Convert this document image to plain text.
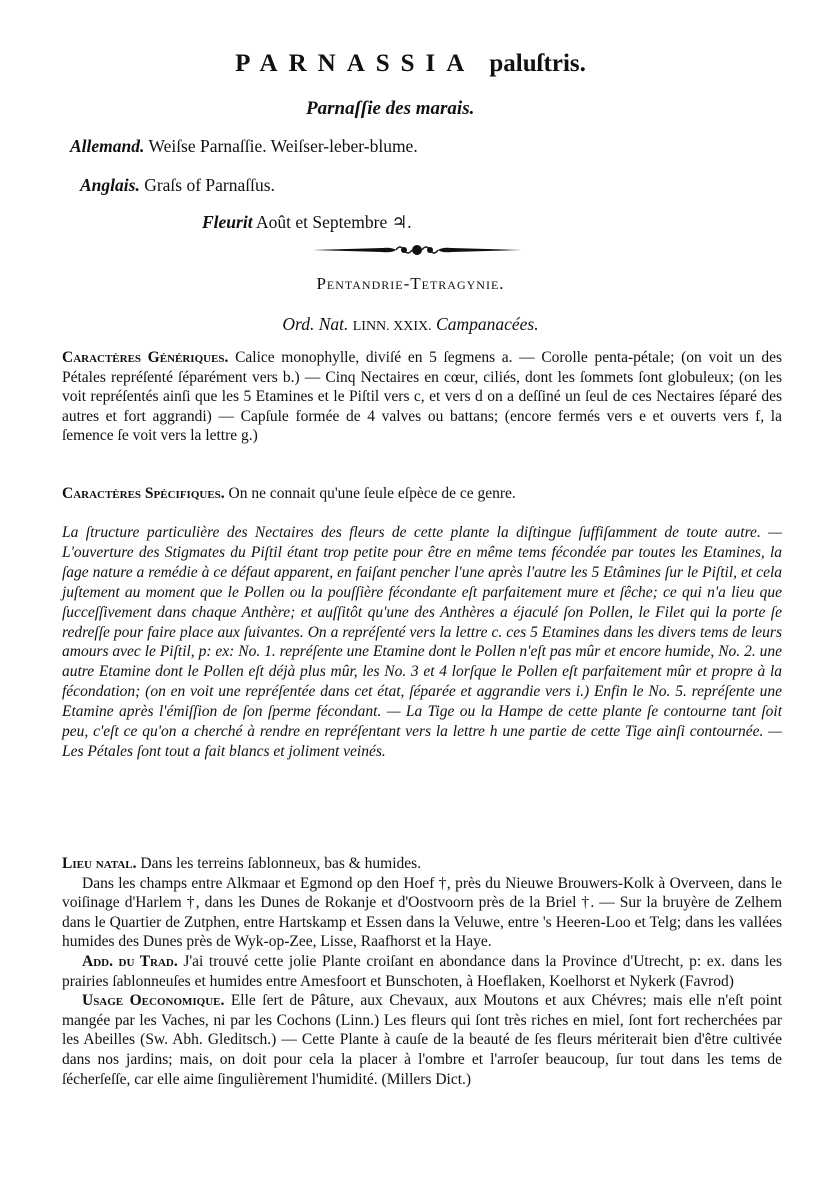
PARNASSIA paluſtris.
Parnaſſie des marais.
Allemand. Weiſse Parnaſſie. Weiſser-leber-blume.
Anglais. Graſs of Parnaſſus.
Fleurit Août et Septembre ♃.
Pentandrie-Tetragynie.
Ord. Nat. LINN. XXIX. Campanacées.

Caractères Génériques. Calice monophylle, diviſé en 5 ſegmens a. — Corolle penta-pétale; (on voit un des Pétales repréſenté ſéparément vers b.) — Cinq Nectaires en cœur, ciliés, dont les ſommets ſont globuleux; (on les voit repréſentés ainſi que les 5 Etamines et le Piſtil vers c, et vers d on a deſſiné un ſeul de ces Nectaires ſéparé des autres et fort aggrandi) — Capſule formée de 4 valves ou battans; (encore fermés vers e et ouverts vers f, la ſemence ſe voit vers la lettre g.)

Caractères Spécifiques. On ne connait qu'une ſeule eſpèce de ce genre.

La ſtructure particulière des Nectaires des fleurs de cette plante la diſtingue ſuffiſamment de toute autre. — L'ouverture des Stigmates du Piſtil étant trop petite pour être en même tems fécondée par toutes les Etamines, la ſage nature a remédie à ce défaut apparent, en faiſant pencher l'une après l'autre les 5 Etâmines ſur le Piſtil, et cela juſtement au moment que le Pollen ou la pouſſière fécondante eſt parfaitement mure et ſêche; ce qui n'a lieu que ſucceſſivement dans chaque Anthère; et auſſitôt qu'une des Anthères a éjaculé ſon Pollen, le Filet qui la porte ſe redreſſe pour faire place aux ſuivantes. On a repréſenté vers la lettre c. ces 5 Etamines dans les divers tems de leurs amours avec le Piſtil, p: ex: No. 1. repréſente une Etamine dont le Pollen n'eſt pas mûr et encore humide, No. 2. une autre Etamine dont le Pollen eſt déjà plus mûr, les No. 3 et 4 lorſque le Pollen eſt parfaitement mûr et propre à la fécondation; (on en voit une repréſentée dans cet état, ſéparée et aggrandie vers i.) Enfin le No. 5. repréſente une Etamine après l'émiſſion de ſon ſperme fécondant. — La Tige ou la Hampe de cette plante ſe contourne tant ſoit peu, c'eſt ce qu'on a cherché à rendre en repréſentant vers la lettre h une partie de cette Tige ainſi contournée. — Les Pétales ſont tout a fait blancs et joliment veinés.

Lieu natal. Dans les terreins ſablonneux, bas & humides.

Dans les champs entre Alkmaar et Egmond op den Hoef †, près du Nieuwe Brouwers-Kolk à Overveen, dans le voiſinage d'Harlem †, dans les Dunes de Rokanje et d'Oostvoorn près de la Briel †. — Sur la bruyère de Zelhem dans le Quartier de Zutphen, entre Hartskamp et Essen dans la Veluwe, entre 's Heeren-Loo et Telg; dans les vallées humides des Dunes près de Wyk-op-Zee, Lisse, Raafhorst et la Haye.

Add. du Trad. J'ai trouvé cette jolie Plante croiſant en abondance dans la Province d'Utrecht, p: ex. dans les prairies ſablonneuſes et humides entre Amesfoort et Bunschoten, à Hoeflaken, Koelhorst et Nykerk (Favrod)

Usage Oeconomique. Elle ſert de Pâture, aux Chevaux, aux Moutons et aux Chévres; mais elle n'eſt point mangée par les Vaches, ni par les Cochons (Linn.) Les fleurs qui ſont très riches en miel, ſont fort recherchées par les Abeilles (Sw. Abh. Gleditsch.) — Cette Plante à cauſe de la beauté de ſes fleurs mériterait bien d'être cultivée dans nos jardins; mais, on doit pour cela la placer à l'ombre et l'arroſer beaucoup, ſur tout dans les tems de ſécherſeſſe, car elle aime ſingulièrement l'humidité. (Millers Dict.)
